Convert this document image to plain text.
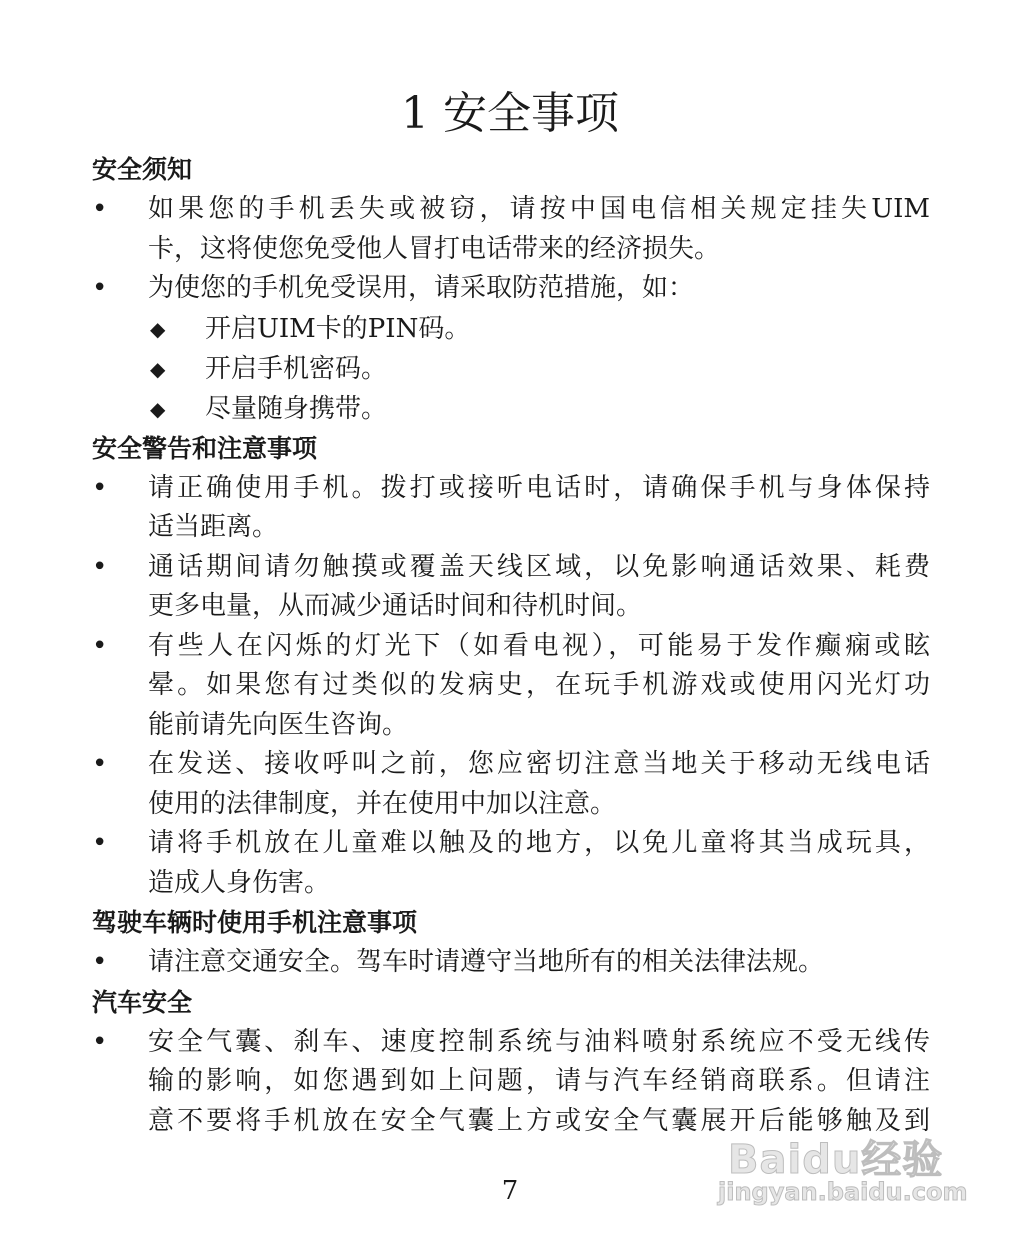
1 安全事项
安全须知
• 如果您的手机丢失或被窃，请按中国电信相关规定挂失UIM
卡，这将使您免受他人冒打电话带来的经济损失。
• 为使您的手机免受误用，请采取防范措施，如：
◆ 开启UIM卡的PIN码。
◆ 开启手机密码。
◆ 尽量随身携带。
安全警告和注意事项
• 请正确使用手机。拨打或接听电话时，请确保手机与身体保持
适当距离。
• 通话期间请勿触摸或覆盖天线区域，以免影响通话效果、耗费
更多电量，从而减少通话时间和待机时间。
• 有些人在闪烁的灯光下（如看电视），可能易于发作癫痫或眩
晕。如果您有过类似的发病史，在玩手机游戏或使用闪光灯功
能前请先向医生咨询。
• 在发送、接收呼叫之前，您应密切注意当地关于移动无线电话
使用的法律制度，并在使用中加以注意。
• 请将手机放在儿童难以触及的地方，以免儿童将其当成玩具，
造成人身伤害。
驾驶车辆时使用手机注意事项
• 请注意交通安全。驾车时请遵守当地所有的相关法律法规。
汽车安全
• 安全气囊、刹车、速度控制系统与油料喷射系统应不受无线传
输的影响，如您遇到如上问题，请与汽车经销商联系。但请注
意不要将手机放在安全气囊上方或安全气囊展开后能够触及到
7
Baidu经验
jingyan.baidu.com
